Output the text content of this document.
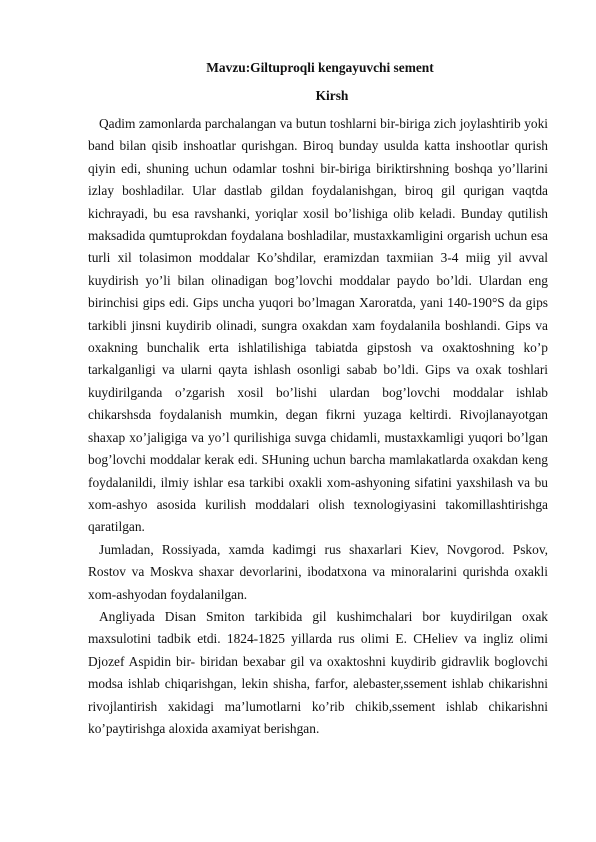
Mavzu:Giltuproqli kengayuvchi sement
Kirsh

Qadim zamonlarda parchalangan va butun toshlarni bir-biriga zich joylashtirib yoki band bilan qisib inshoatlar qurishgan. Biroq bunday usulda katta inshootlar qurish qiyin edi, shuning uchun odamlar toshni bir-biriga biriktirshning boshqa yo’llarini izlay boshladilar. Ular dastlab gildan foydalanishgan, biroq gil qurigan vaqtda kichrayadi, bu esa ravshanki, yoriqlar xosil bo’lishiga olib keladi. Bunday qutilish maksadida qumtuprokdan foydalana boshladilar, mustaxkamligini orgarish uchun esa turli xil tolasimon moddalar Ko’shdilar, eramizdan taxmiian 3-4 miig yil avval kuydirish yo’li bilan olinadigan bog’lovchi moddalar paydo bo’ldi. Ulardan eng birinchisi gips edi. Gips uncha yuqori bo’lmagan Xaroratda, yani 140-190°S da gips tarkibli jinsni kuydirib olinadi, sungra oxakdan xam foydalanila boshlandi. Gips va oxakning bunchalik erta ishlatilishiga tabiatda gipstosh va oxaktoshning ko’p tarkalganligi va ularni qayta ishlash osonligi sabab bo’ldi. Gips va oxak toshlari kuydirilganda o’zgarish xosil bo’lishi ulardan bog’lovchi moddalar ishlab chikarshsda foydalanish mumkin, degan fikrni yuzaga keltirdi. Rivojlanayotgan shaxap xo’jaligiga va yo’l qurilishiga suvga chidamli, mustaxkamligi yuqori bo’lgan bog’lovchi moddalar kerak edi. SHuning uchun barcha mamlakatlarda oxakdan keng foydalanildi, ilmiy ishlar esa tarkibi oxakli xom-ashyoning sifatini yaxshilash va bu xom-ashyo asosida kurilish moddalari olish texnologiyasini takomillashtirishga qaratilgan.

Jumladan, Rossiyada, xamda kadimgi rus shaxarlari Kiev, Novgorod. Pskov, Rostov va Moskva shaxar devorlarini, ibodatxona va minoralarini qurishda oxakli xom-ashyodan foydalanilgan.

Angliyada Disan Smiton tarkibida gil kushimchalari bor kuydirilgan oxak maxsulotini tadbik etdi. 1824-1825 yillarda rus olimi E. CHeliev va ingliz olimi Djozef Aspidin bir- biridan bexabar gil va oxaktoshni kuydirib gidravlik boglovchi modsa ishlab chiqarishgan, lekin shisha, farfor, alebaster,ssement ishlab chikarishni rivojlantirish xakidagi ma’lumotlarni ko’rib chikib,ssement ishlab chikarishni ko’paytirishga aloxida axamiyat berishgan.
